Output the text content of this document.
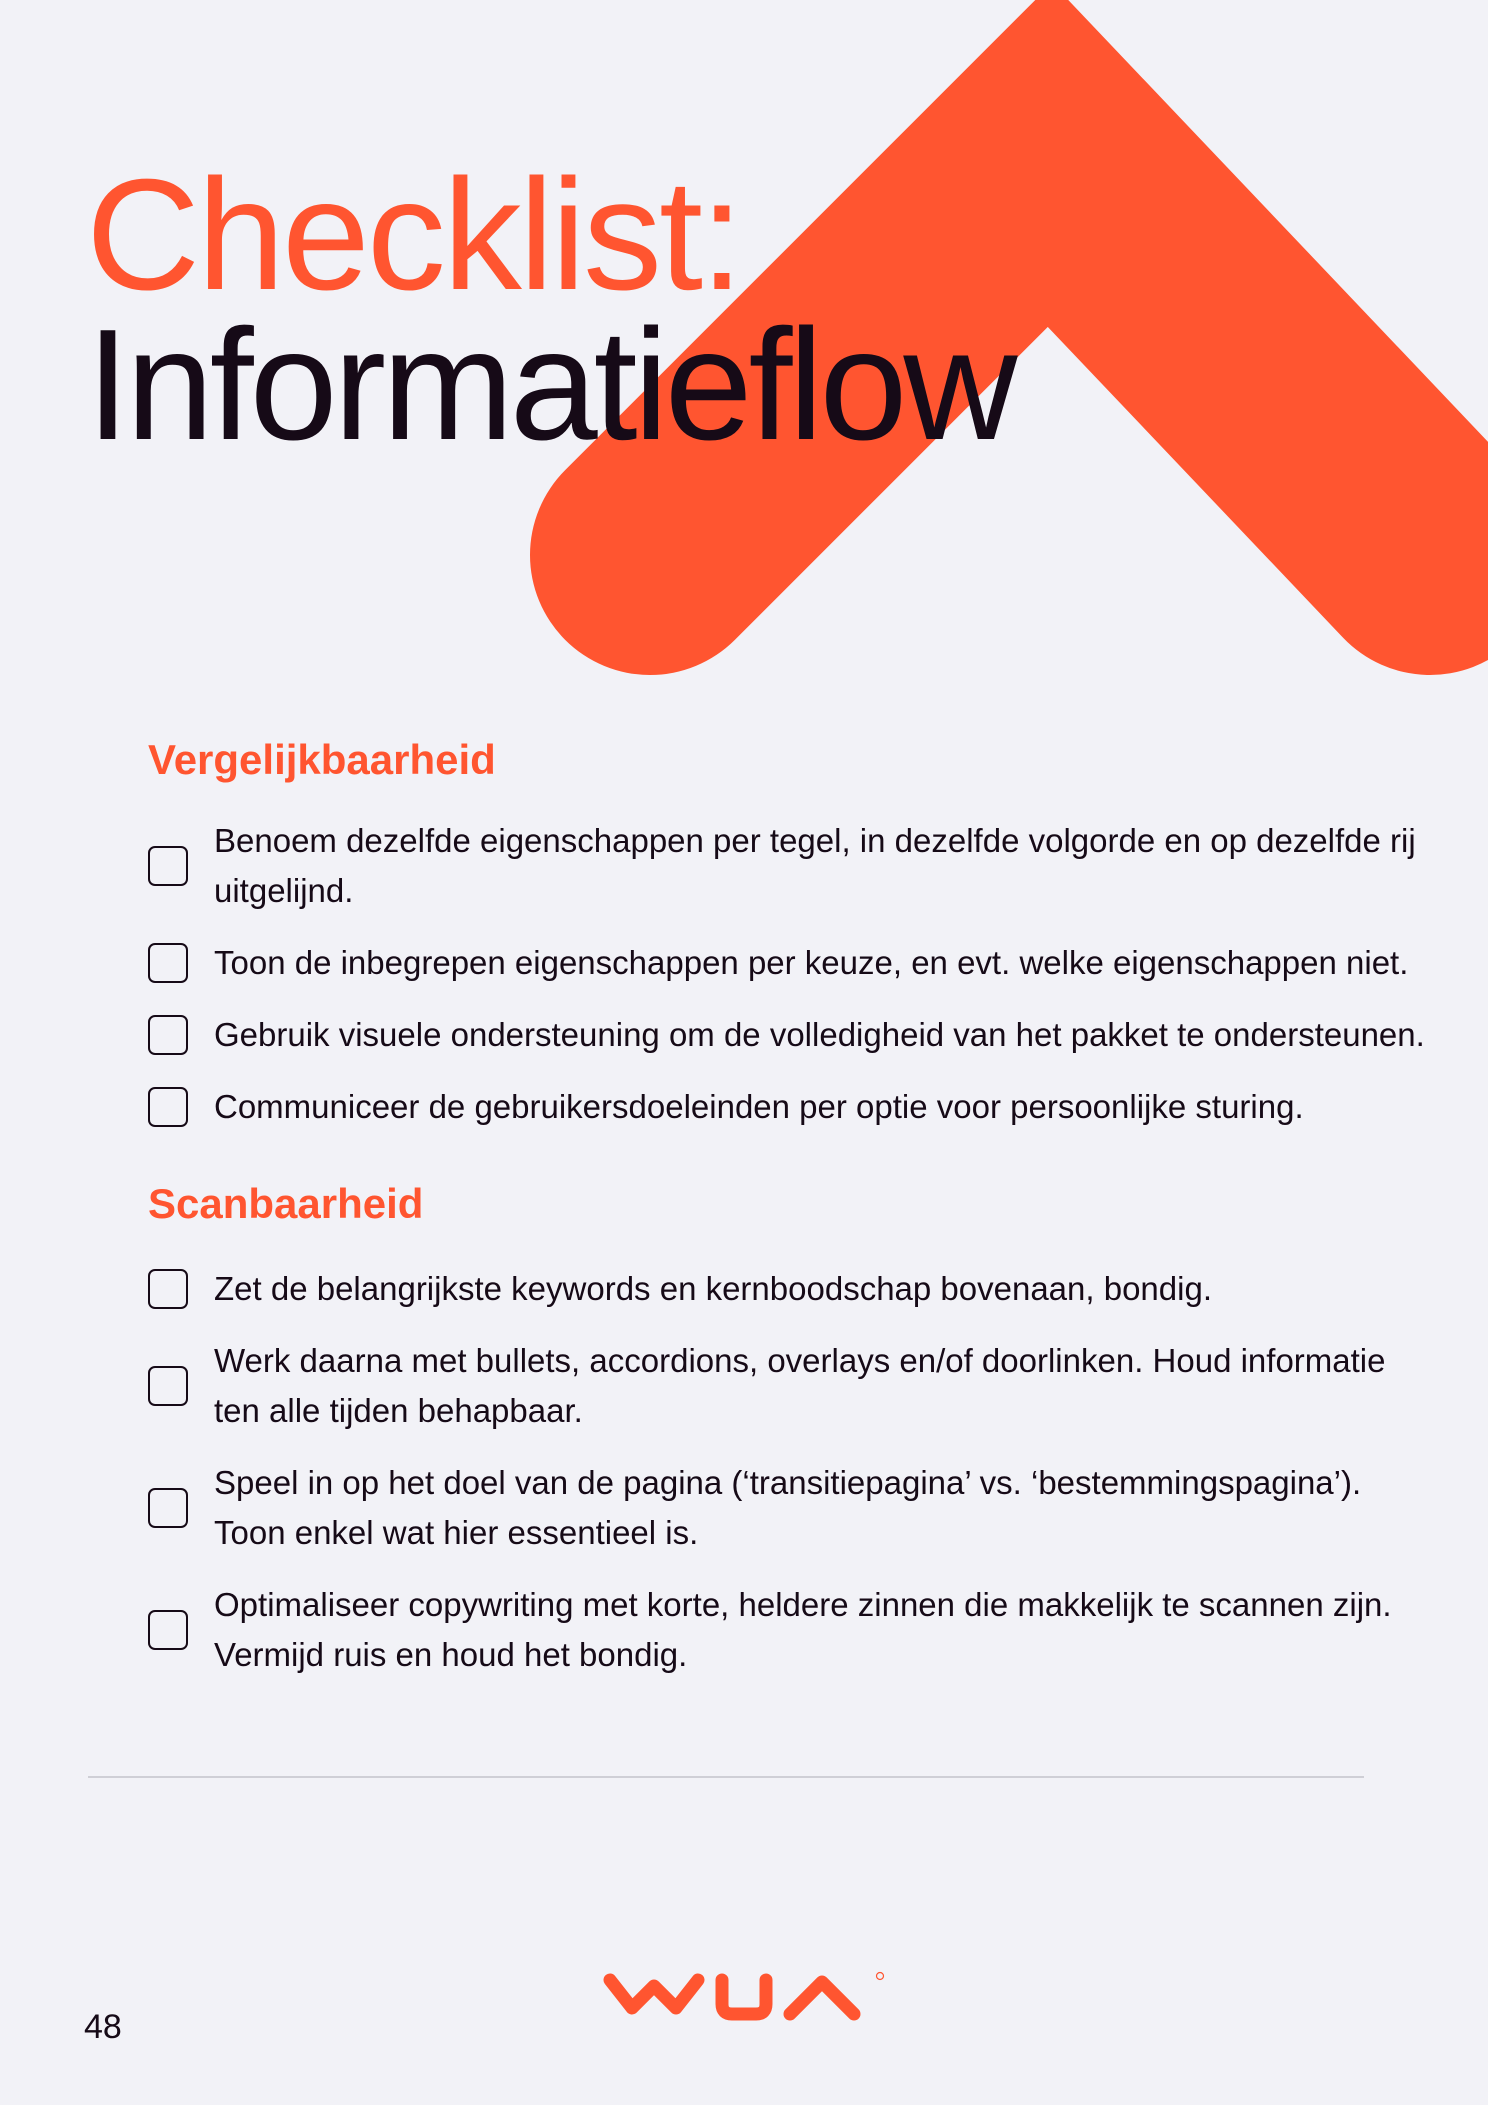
Checklist:
Informatieflow
Vergelijkbaarheid
Benoem dezelfde eigenschappen per tegel, in dezelfde volgorde en op dezelfde rij uitgelijnd.
Toon de inbegrepen eigenschappen per keuze, en evt. welke eigenschappen niet.
Gebruik visuele ondersteuning om de volledigheid van het pakket te ondersteunen.
Communiceer de gebruikersdoeleinden per optie voor persoonlijke sturing.
Scanbaarheid
Zet de belangrijkste keywords en kernboodschap bovenaan, bondig.
Werk daarna met bullets, accordions, overlays en/of doorlinken. Houd informatie ten alle tijden behapbaar.
Speel in op het doel van de pagina (‘transitiepagina’ vs. ‘bestemmingspagina’). Toon enkel wat hier essentieel is.
Optimaliseer copywriting met korte, heldere zinnen die makkelijk te scannen zijn. Vermijd ruis en houd het bondig.
48
